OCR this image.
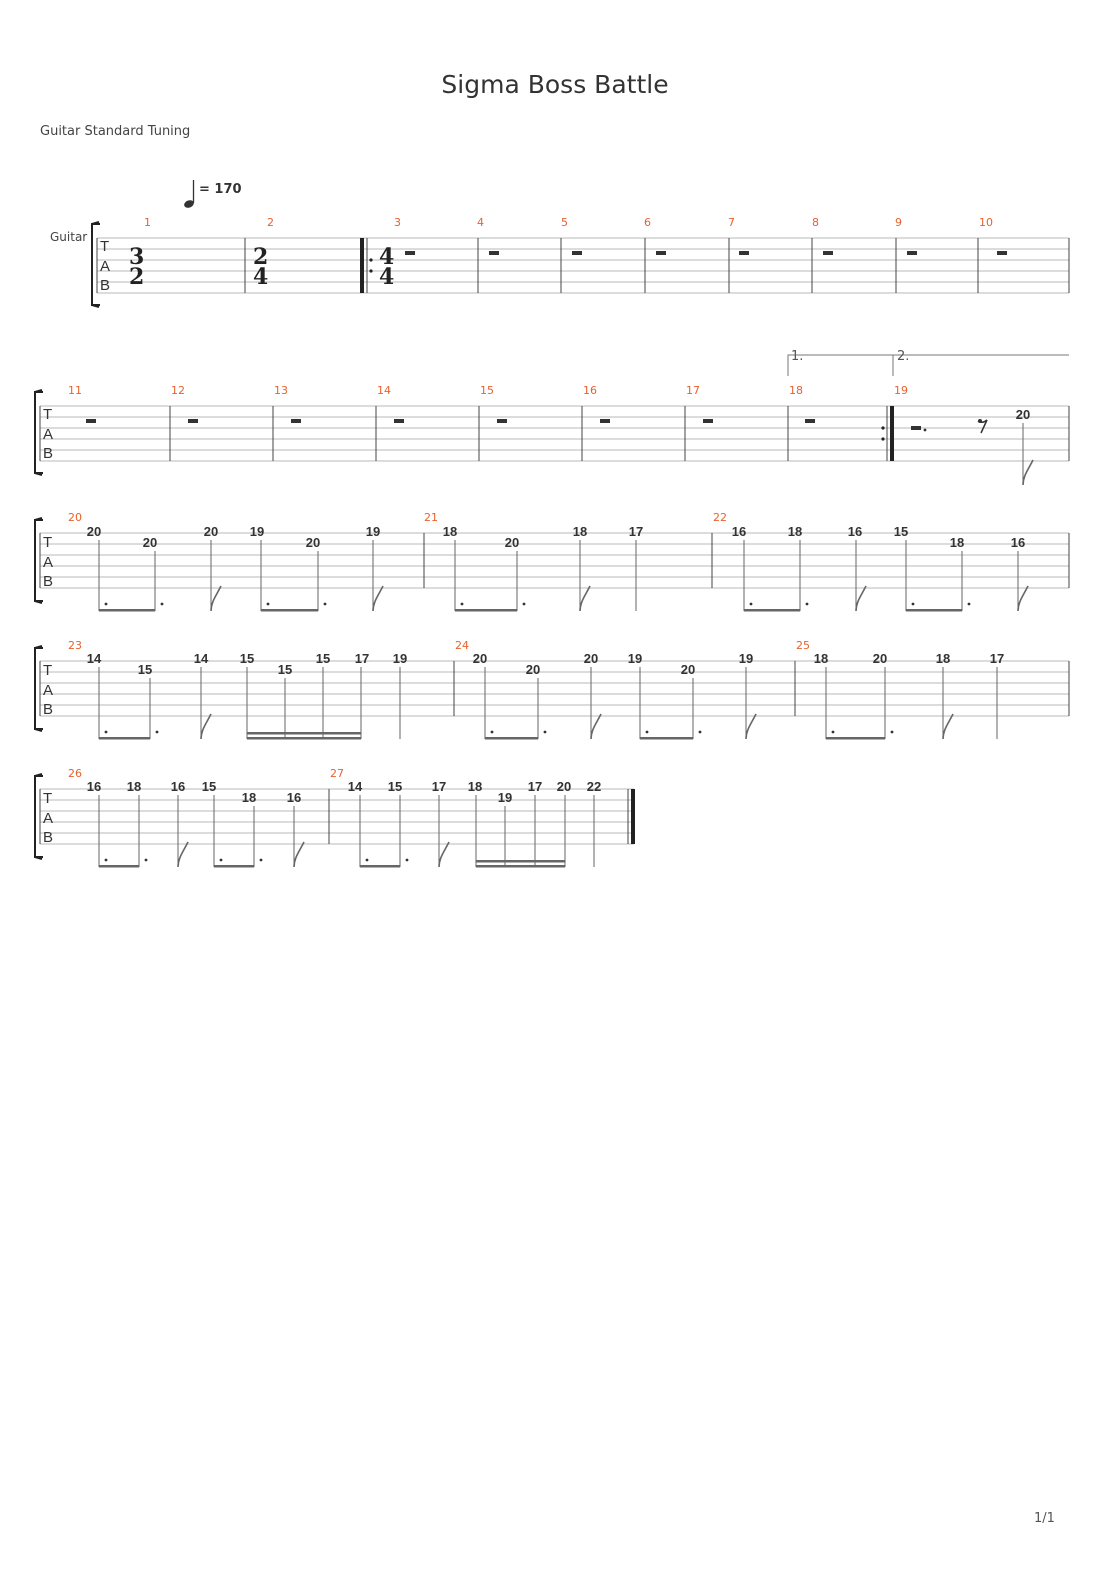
Sigma Boss Battle
Guitar Standard Tuning
1/1
= 170
Guitar
T
A
B
3
2
2
4
4
4
1	2	3	4	5	6	7	8	9	10
T
A
B
1.	2.
11	12	13	14	15	16	17	18	19
20
T
A
B
20	21	22
20
20
20 19
20
19	18
20
18	17	16	18	16 15
18	16
T
A
B
23	24	25
14
15
14 15
15
15 17 19	20
20
20 19
20
19	18	20	18	17
T
A
B
26	27
16 18 16 15
18 16
14 15 17 18
19
17 20 22
